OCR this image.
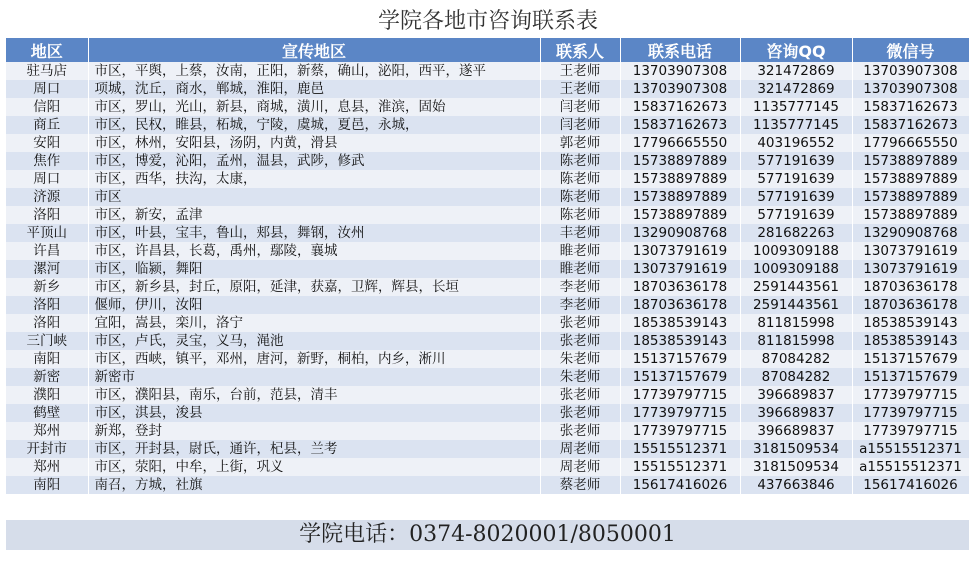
学院各地市咨询联系表
地区	宣传地区	联系人	联系电话	咨询QQ	微信号
驻马店	市区，平舆，上蔡，汝南，正阳，新蔡，确山，泌阳，西平，遂平	王老师	13703907308	321472869	13703907308
周口	项城，沈丘，商水，郸城，淮阳，鹿邑	王老师	13703907308	321472869	13703907308
信阳	市区，罗山，光山，新县，商城，潢川，息县，淮滨，固始	闫老师	15837162673	1135777145	15837162673
商丘	市区，民权，睢县，柘城，宁陵，虞城，夏邑，永城，	闫老师	15837162673	1135777145	15837162673
安阳	市区，林州，安阳县，汤阴，内黄，滑县	郭老师	17796665550	403196552	17796665550
焦作	市区，博爱，沁阳，孟州，温县，武陟，修武	陈老师	15738897889	577191639	15738897889
周口	市区，西华，扶沟，太康，	陈老师	15738897889	577191639	15738897889
济源	市区	陈老师	15738897889	577191639	15738897889
洛阳	市区，新安，孟津	陈老师	15738897889	577191639	15738897889
平顶山	市区，叶县，宝丰，鲁山，郏县，舞钢，汝州	丰老师	13290908768	281682263	13290908768
许昌	市区，许昌县，长葛，禹州，鄢陵，襄城	睢老师	13073791619	1009309188	13073791619
漯河	市区，临颍，舞阳	睢老师	13073791619	1009309188	13073791619
新乡	市区，新乡县，封丘，原阳，延津，获嘉，卫辉，辉县，长垣	李老师	18703636178	2591443561	18703636178
洛阳	偃师，伊川，汝阳	李老师	18703636178	2591443561	18703636178
洛阳	宜阳，嵩县，栾川，洛宁	张老师	18538539143	811815998	18538539143
三门峡	市区，卢氏，灵宝，义马，渑池	张老师	18538539143	811815998	18538539143
南阳	市区，西峡，镇平，邓州，唐河，新野，桐柏，内乡，淅川	朱老师	15137157679	87084282	15137157679
新密	新密市	朱老师	15137157679	87084282	15137157679
濮阳	市区，濮阳县，南乐，台前，范县，清丰	张老师	17739797715	396689837	17739797715
鹤壁	市区，淇县，浚县	张老师	17739797715	396689837	17739797715
郑州	新郑，登封	张老师	17739797715	396689837	17739797715
开封市	市区，开封县，尉氏，通许，杞县，兰考	周老师	15515512371	3181509534	a15515512371
郑州	市区，荥阳，中牟，上街，巩义	周老师	15515512371	3181509534	a15515512371
南阳	南召，方城，社旗	蔡老师	15617416026	437663846	15617416026
学院电话：0374-8020001/8050001
